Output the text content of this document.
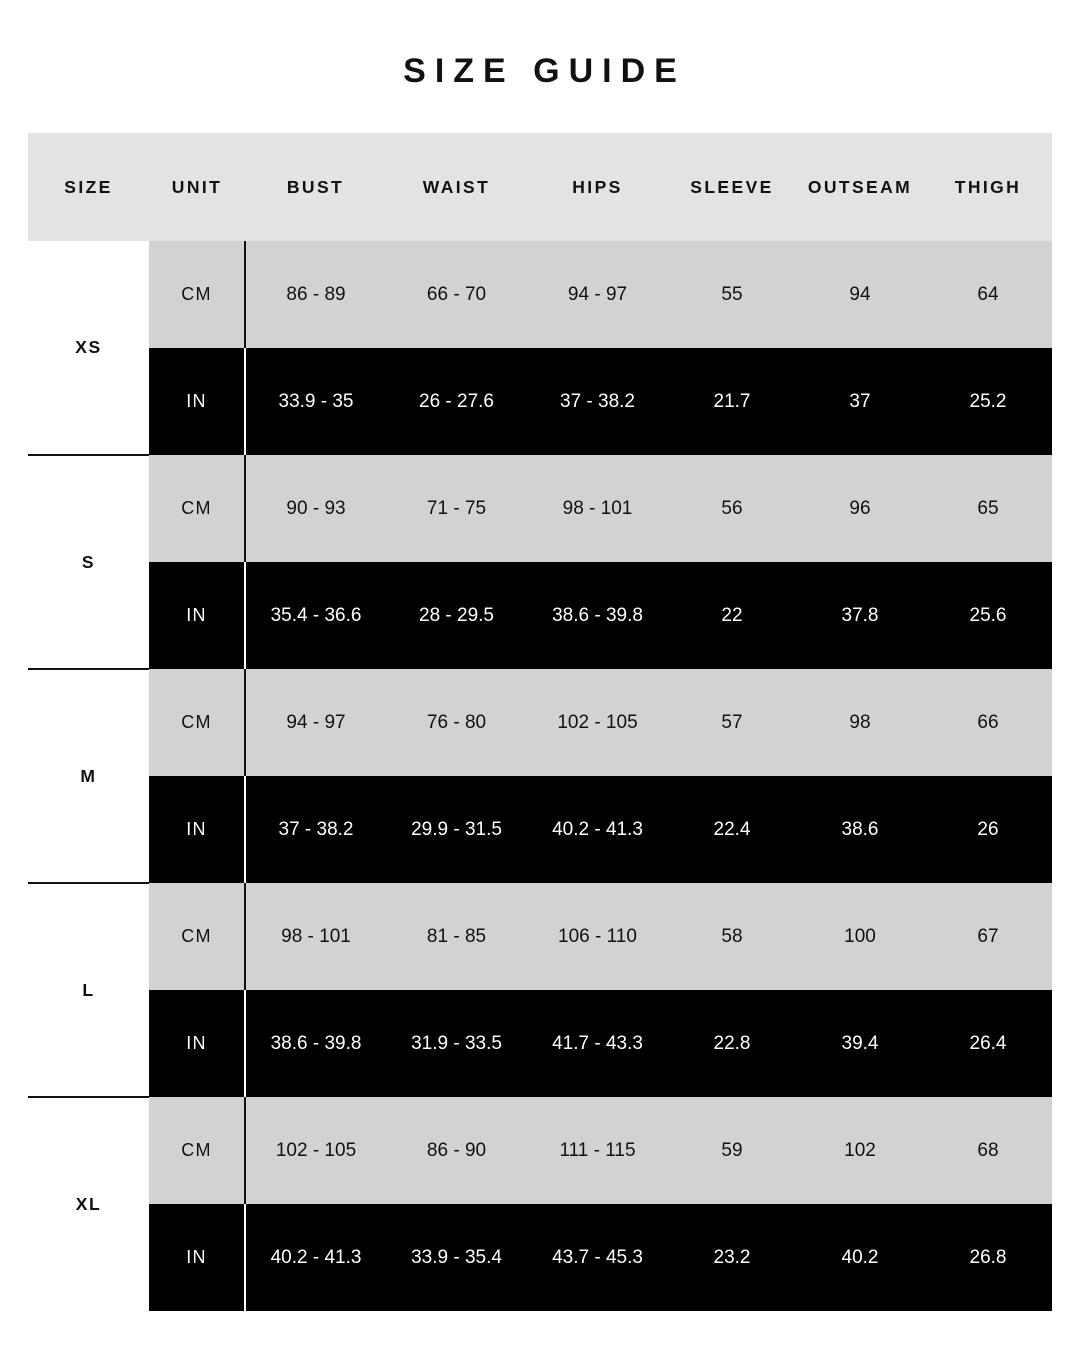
SIZE GUIDE
SIZE	UNIT	BUST	WAIST	HIPS	SLEEVE	OUTSEAM	THIGH
XS	CM	86 - 89	66 - 70	94 - 97	55	94	64
	IN	33.9 - 35	26 - 27.6	37 - 38.2	21.7	37	25.2
S	CM	90 - 93	71 - 75	98 - 101	56	96	65
	IN	35.4 - 36.6	28 - 29.5	38.6 - 39.8	22	37.8	25.6
M	CM	94 - 97	76 - 80	102 - 105	57	98	66
	IN	37 - 38.2	29.9 - 31.5	40.2 - 41.3	22.4	38.6	26
L	CM	98 - 101	81 - 85	106 - 110	58	100	67
	IN	38.6 - 39.8	31.9 - 33.5	41.7 - 43.3	22.8	39.4	26.4
XL	CM	102 - 105	86 - 90	111 - 115	59	102	68
	IN	40.2 - 41.3	33.9 - 35.4	43.7 - 45.3	23.2	40.2	26.8
